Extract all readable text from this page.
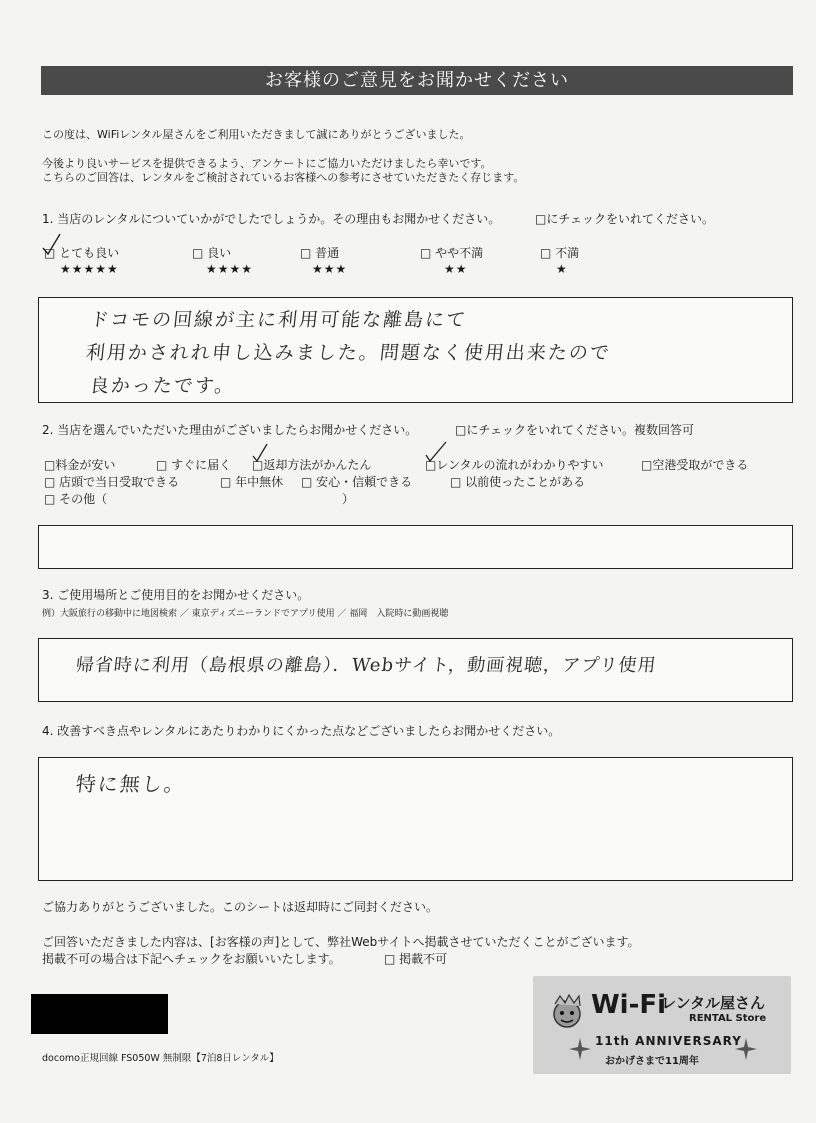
お客様のご意見をお聞かせください
この度は、WiFiレンタル屋さんをご利用いただきまして誠にありがとうございました。
今後より良いサービスを提供できるよう、アンケートにご協力いただけましたら幸いです。
こちらのご回答は、レンタルをご検討されているお客様への参考にさせていただきたく存じます。
1. 当店のレンタルについていかがでしたでしょうか。その理由もお聞かせください。	□にチェックをいれてください。
□ とても良い
★★★★★
□ 良い
★★★★
□ 普通
★★★
□ やや不満
★★
□ 不満
★
ドコモの回線が主に利用可能な離島にて
利用かされれ申し込みました。問題なく使用出来たので
良かったです。
2. 当店を選んでいただいた理由がございましたらお聞かせください。	□にチェックをいれてください。複数回答可
□料金が安い	□ すぐに届く □返却方法がかんたん	□レンタルの流れがわかりやすい	□空港受取ができる
□ 店頭で当日受取できる	□ 年中無休 □ 安心・信頼できる	□ 以前使ったことがある
□ その他（	）
3. ご使用場所とご使用目的をお聞かせください。
例）大阪旅行の移動中に地図検索 ／ 東京ディズニーランドでアプリ使用 ／ 福岡　入院時に動画視聴
帰省時に利用（島根県の離島）．Webサイト，動画視聴，アプリ使用
4. 改善すべき点やレンタルにあたりわかりにくかった点などございましたらお聞かせください。
特に無し。
ご協力ありがとうございました。このシートは返却時にご同封ください。
ご回答いただきました内容は、[お客様の声]として、弊社Webサイトへ掲載させていただくことがございます。
掲載不可の場合は下記へチェックをお願いいたします。	□ 掲載不可
docomo正規回線 FS050W 無制限【7泊8日レンタル】
Wi-Fi
レンタル屋さん
RENTAL Store
11th ANNIVERSARY
おかげさまで11周年
